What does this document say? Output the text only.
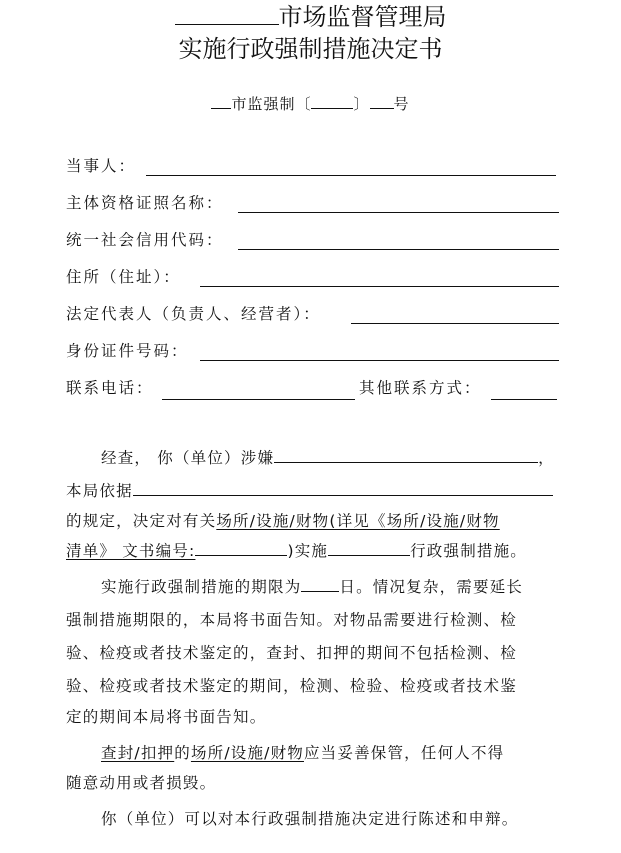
市场监督管理局
实施行政强制措施决定书
市监强制〔	〕 号
当事人：
主体资格证照名称：
统一社会信用代码：
住所（住址）：
法定代表人（负责人、经营者）：
身份证件号码：
联系电话：	其他联系方式：
经查， 你（单位）涉嫌	，
本局依据
的规定，决定对有关场所/设施/财物(详见《场所/设施/财物
清单》 文书编号:	)实施	行政强制措施。
实施行政强制措施的期限为 日。情况复杂，需要延长
强制措施期限的，本局将书面告知。对物品需要进行检测、检
验、检疫或者技术鉴定的，查封、扣押的期间不包括检测、检
验、检疫或者技术鉴定的期间，检测、检验、检疫或者技术鉴
定的期间本局将书面告知。
查封/扣押的场所/设施/财物应当妥善保管，任何人不得
随意动用或者损毁。
你（单位）可以对本行政强制措施决定进行陈述和申辩。
